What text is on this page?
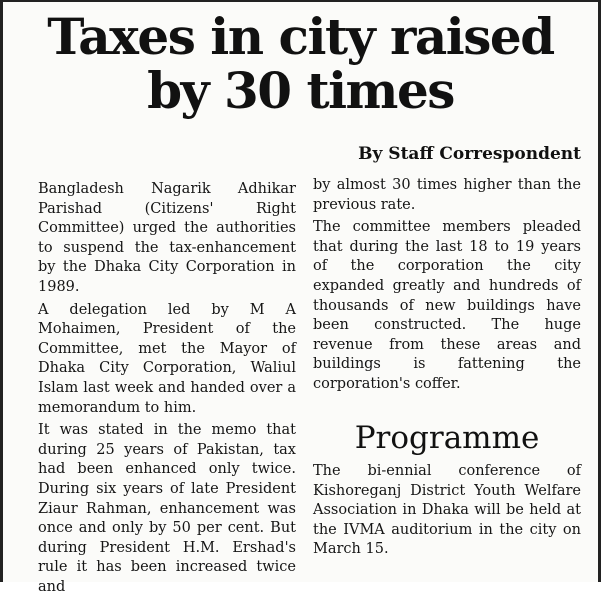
Taxes in city raised by 30 times
By Staff Correspondent

Bangladesh Nagarik Adhikar Parishad (Citizens' Right Committee) urged the authorities to suspend the tax-enhancement by the Dhaka City Corporation in 1989.

A delegation led by M A Mohaimen, President of the Committee, met the Mayor of Dhaka City Corporation, Waliul Islam last week and handed over a memorandum to him.

It was stated in the memo that during 25 years of Pakistan, tax had been enhanced only twice. During six years of late President Ziaur Rahman, enhancement was once and only by 50 per cent. But during President H.M. Ershad's rule it has been increased twice and

by almost 30 times higher than the previous rate.

The committee members pleaded that during the last 18 to 19 years of the corporation the city expanded greatly and hundreds of thousands of new buildings have been constructed. The huge revenue from these areas and buildings is fattening the corporation's coffer.

Programme

The bi-ennial conference of Kishoreganj District Youth Welfare Association in Dhaka will be held at the IVMA auditorium in the city on March 15.
